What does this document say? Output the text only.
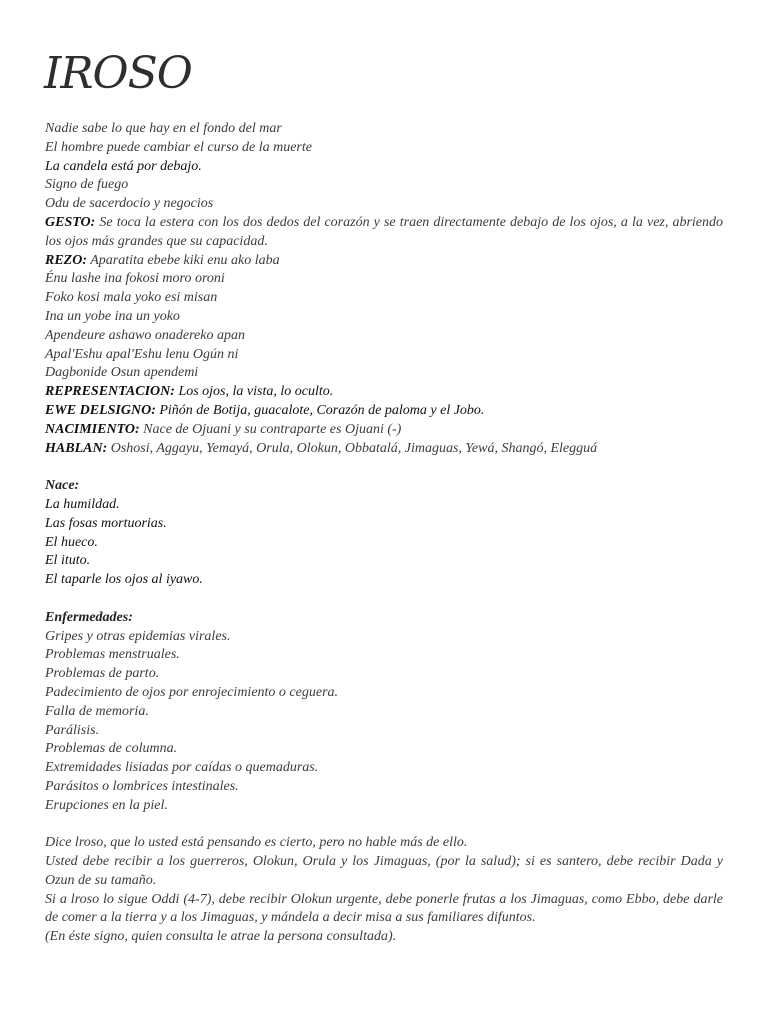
IROSO
Nadie sabe lo que hay en el fondo del mar
El hombre puede cambiar el curso de la muerte
La candela está por debajo.
Signo de fuego
Odu de sacerdocio y negocios
GESTO: Se toca la estera con los dos dedos del corazón y se traen directamente debajo de los ojos, a la vez, abriendo los ojos más grandes que su capacidad.
REZO: Aparatita ebebe kiki enu ako laba
Énu lashe ina fokosi moro oroni
Foko kosi mala yoko esi misan
Ina un yobe ina un yoko
Apendeure ashawo onadereko apan
Apal'Eshu apal'Eshu lenu Ogún ni
Dagbonide Osun apendemi
REPRESENTACION: Los ojos, la vista, lo oculto.
EWE DELSIGNO: Piñón de Botija, guacalote, Corazón de paloma y el Jobo.
NACIMIENTO: Nace de Ojuani y su contraparte es Ojuani (-)
HABLAN: Oshosi, Aggayu, Yemayá, Orula, Olokun, Obbatalá, Jimaguas, Yewá, Shangó, Elegguá
Nace:
La humildad.
Las fosas mortuorias.
El hueco.
El ituto.
El taparle los ojos al iyawo.
Enfermedades:
Gripes y otras epidemias virales.
Problemas menstruales.
Problemas de parto.
Padecimiento de ojos por enrojecimiento o ceguera.
Falla de memoria.
Parálisis.
Problemas de columna.
Extremidades lisiadas por caídas o quemaduras.
Parásitos o lombrices intestinales.
Erupciones en la piel.
Dice lroso, que lo usted está pensando es cierto, pero no hable más de ello.
Usted debe recibir a los guerreros, Olokun, Orula y los Jimaguas, (por la salud); si es santero, debe recibir Dada y Ozun de su tamaño.
Si a lroso lo sigue Oddi (4-7), debe recibir Olokun urgente, debe ponerle frutas a los Jimaguas, como Ebbo, debe darle de comer a la tierra y a los Jimaguas, y mándela a decir misa a sus familiares difuntos.
(En éste signo, quien consulta le atrae la persona consultada).
